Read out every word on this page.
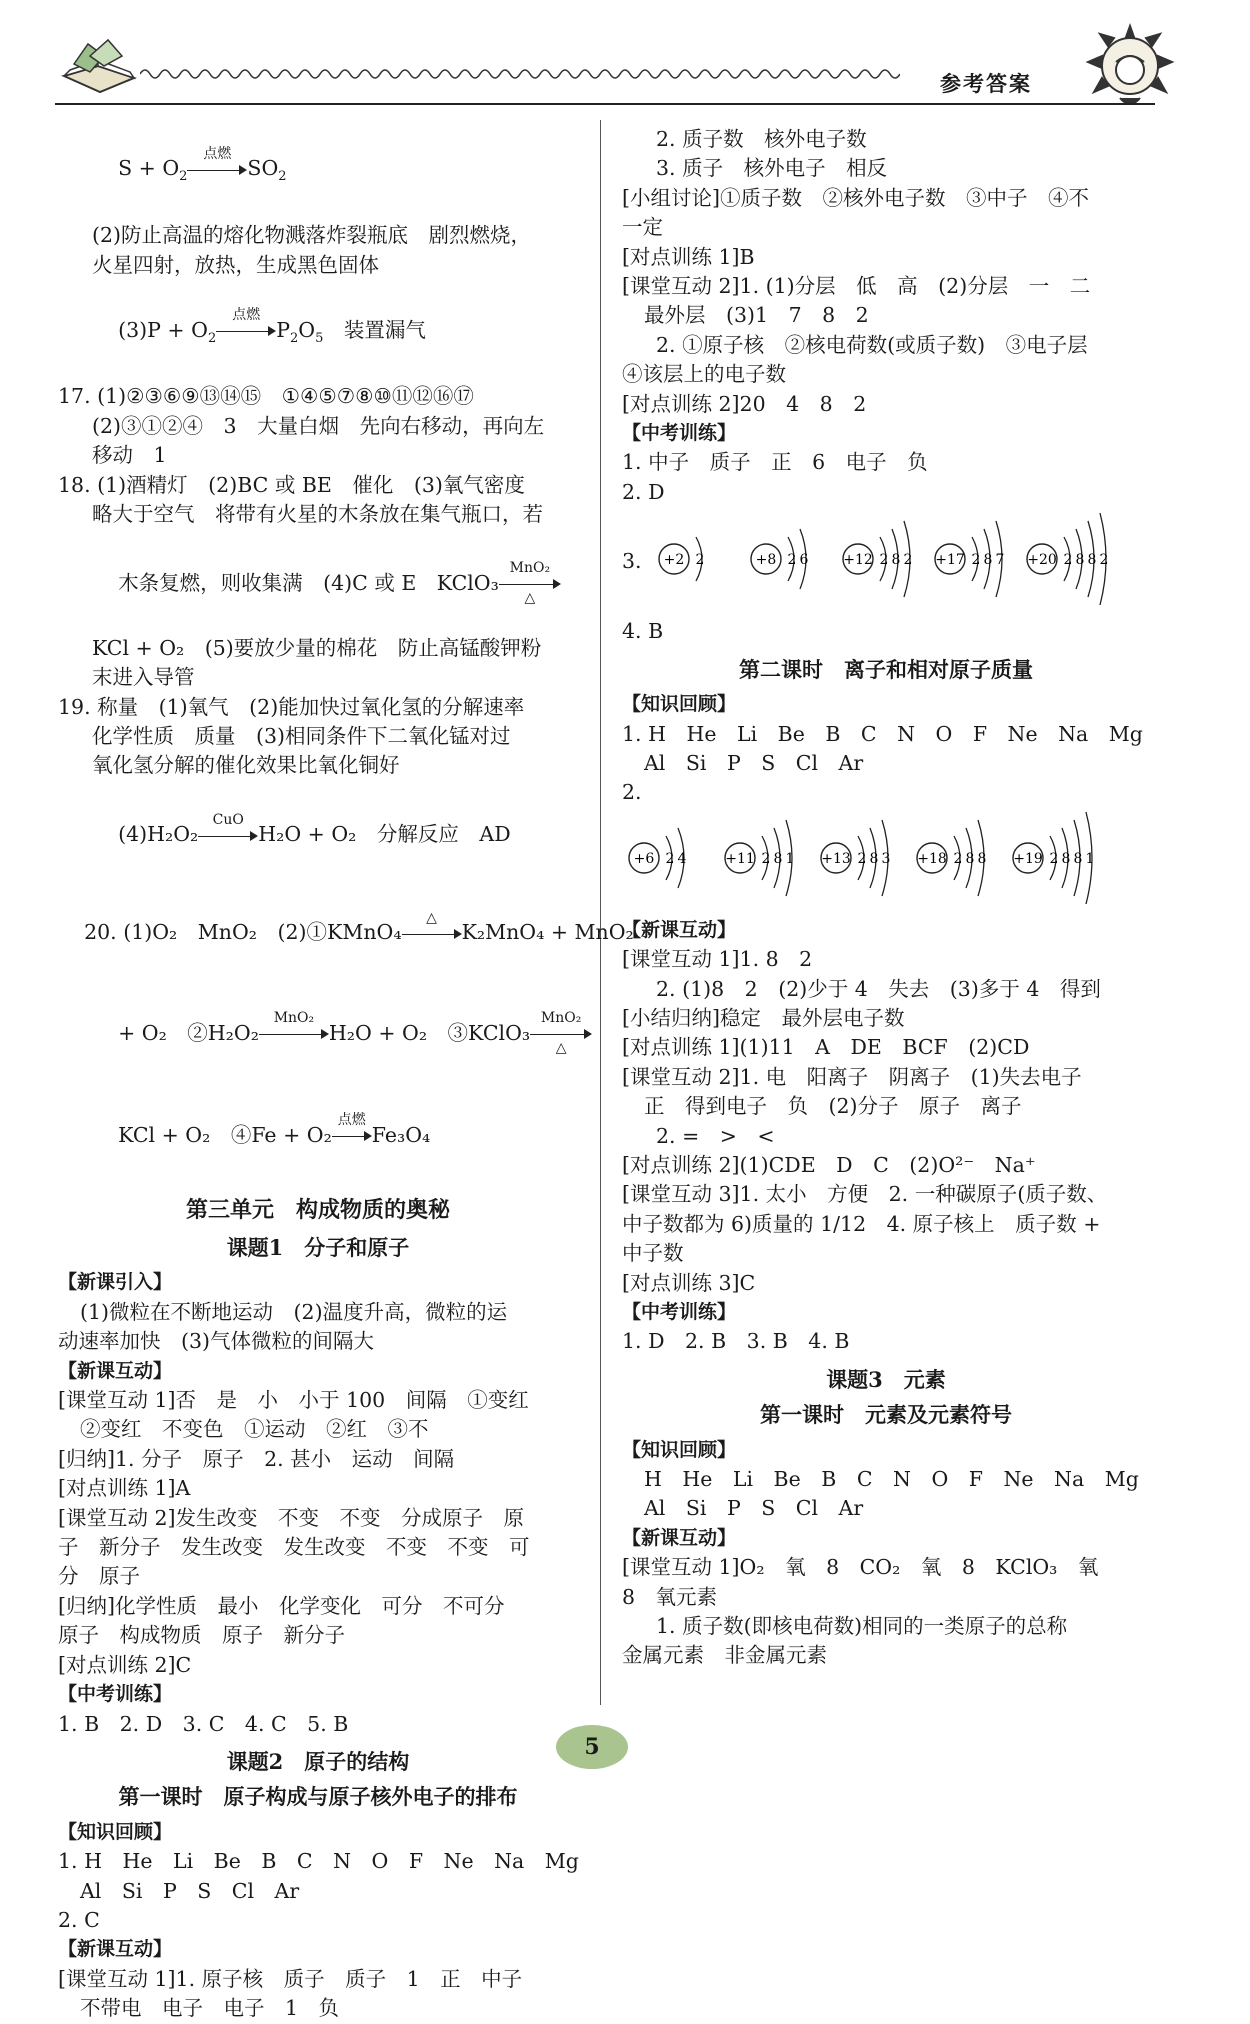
参考答案

$S + O_2$
点燃
$SO_2$

(2)防止高温的熔化物溅落炸裂瓶底　剧烈燃烧，
火星四射，放热，生成黑色固体

$(3)P + O_2$
点燃
$P_2O_5$　装置漏气

17. (1)②③⑥⑨⑬⑭⑮　①④⑤⑦⑧⑩⑪⑫⑯⑰
(2)③①②④　3　大量白烟　先向右移动，再向左
移动　1
18. (1)酒精灯　(2)BC 或 BE　催化　(3)氧气密度
略大于空气　将带有火星的木条放在集气瓶口，若

木条复燃，则收集满　(4)C 或 E　KClO₃
MnO₂
△

KCl + O₂　(5)要放少量的棉花　防止高锰酸钾粉
末进入导管
19. 称量　(1)氧气　(2)能加快过氧化氢的分解速率
化学性质　质量　(3)相同条件下二氧化锰对过
氧化氢分解的催化效果比氧化铜好

(4)H₂O₂
CuO
H₂O + O₂　分解反应　AD

20. (1)O₂　MnO₂　(2)①KMnO₄
△
K₂MnO₄ + MnO₂

+ O₂　②H₂O₂
MnO₂
H₂O + O₂　③KClO₃
MnO₂
△

KCl + O₂　④Fe + O₂
点燃
Fe₃O₄

第三单元　构成物质的奥秘
课题1　分子和原子
【新课引入】
(1)微粒在不断地运动　(2)温度升高，微粒的运
动速率加快　(3)气体微粒的间隔大
【新课互动】
[课堂互动 1]否　是　小　小于 100　间隔　①变红
②变红　不变色　①运动　②红　③不
[归纳]1. 分子　原子　2. 甚小　运动　间隔
[对点训练 1]A
[课堂互动 2]发生改变　不变　不变　分成原子　原
子　新分子　发生改变　发生改变　不变　不变　可
分　原子
[归纳]化学性质　最小　化学变化　可分　不可分
原子　构成物质　原子　新分子
[对点训练 2]C
【中考训练】
1. B　2. D　3. C　4. C　5. B
课题2　原子的结构
第一课时　原子构成与原子核外电子的排布
【知识回顾】
1. H　He　Li　Be　B　C　N　O　F　Ne　Na　Mg
Al　Si　P　S　Cl　Ar
2. C
【新课互动】
[课堂互动 1]1. 原子核　质子　质子　1　正　中子
不带电　电子　电子　1　负
2. 质子数　核外电子数
3. 质子　核外电子　相反
[小组讨论]①质子数　②核外电子数　③中子　④不
一定
[对点训练 1]B
[课堂互动 2]1. (1)分层　低　高　(2)分层　一　二
最外层　(3)1　7　8　2
2. ①原子核　②核电荷数(或质子数)　③电子层
④该层上的电子数
[对点训练 2]20　4　8　2
【中考训练】
1. 中子　质子　正　6　电子　负
2. D
3. +2 2	+8 2 6 +12 2 8 2 +17 2 8 7 +20 2 8 8 2
4. B
第二课时　离子和相对原子质量
【知识回顾】
1. H　He　Li　Be　B　C　N　O　F　Ne　Na　Mg
Al　Si　P　S　Cl　Ar
2.
+6 2 4	+11 2 8 1 +13 2 8 3 +18 2 8 8 +19 2 8 8 1
【新课互动】
[课堂互动 1]1. 8　2
2. (1)8　2　(2)少于 4　失去　(3)多于 4　得到
[小结归纳]稳定　最外层电子数
[对点训练 1](1)11　A　DE　BCF　(2)CD
[课堂互动 2]1. 电　阳离子　阴离子　(1)失去电子
正　得到电子　负　(2)分子　原子　离子
2. =　>　<
[对点训练 2](1)CDE　D　C　(2)O²⁻　Na⁺
[课堂互动 3]1. 太小　方便　2. 一种碳原子(质子数、
中子数都为 6)质量的 1/12　4. 原子核上　质子数 +
中子数
[对点训练 3]C
【中考训练】
1. D　2. B　3. B　4. B
课题3　元素
第一课时　元素及元素符号
【知识回顾】
H　He　Li　Be　B　C　N　O　F　Ne　Na　Mg
Al　Si　P　S　Cl　Ar
【新课互动】
[课堂互动 1]O₂　氧　8　CO₂　氧　8　KClO₃　氧
8　氧元素
1. 质子数(即核电荷数)相同的一类原子的总称
金属元素　非金属元素
5
